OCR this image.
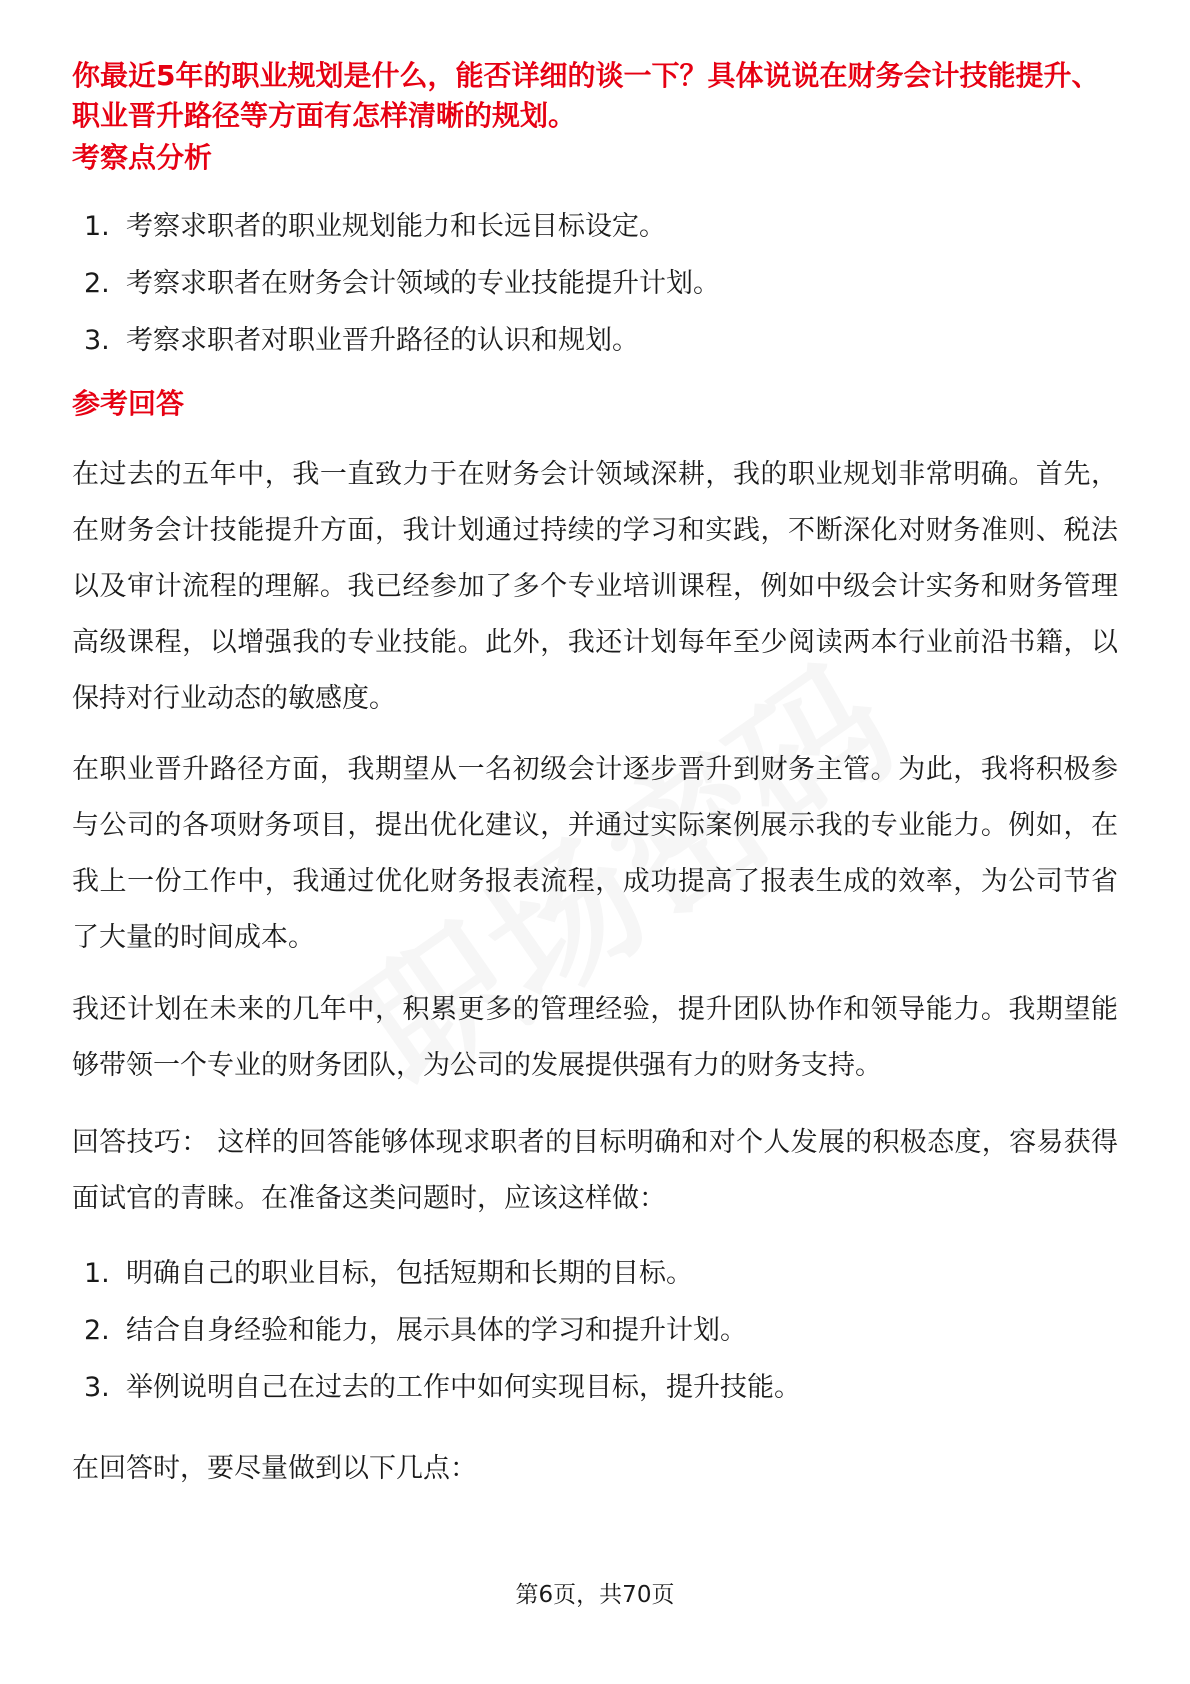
你最近5年的职业规划是什么，能否详细的谈一下？具体说说在财务会计技能提升、职业晋升路径等方面有怎样清晰的规划。
考察点分析
1. 考察求职者的职业规划能力和长远目标设定。
2. 考察求职者在财务会计领域的专业技能提升计划。
3. 考察求职者对职业晋升路径的认识和规划。
参考回答

在过去的五年中，我一直致力于在财务会计领域深耕，我的职业规划非常明确。首先，在财务会计技能提升方面，我计划通过持续的学习和实践，不断深化对财务准则、税法以及审计流程的理解。我已经参加了多个专业培训课程，例如中级会计实务和财务管理高级课程，以增强我的专业技能。此外，我还计划每年至少阅读两本行业前沿书籍，以保持对行业动态的敏感度。

在职业晋升路径方面，我期望从一名初级会计逐步晋升到财务主管。为此，我将积极参与公司的各项财务项目，提出优化建议，并通过实际案例展示我的专业能力。例如，在我上一份工作中，我通过优化财务报表流程，成功提高了报表生成的效率，为公司节省了大量的时间成本。

我还计划在未来的几年中，积累更多的管理经验，提升团队协作和领导能力。我期望能够带领一个专业的财务团队，为公司的发展提供强有力的财务支持。

回答技巧： 这样的回答能够体现求职者的目标明确和对个人发展的积极态度，容易获得面试官的青睐。在准备这类问题时，应该这样做：

1. 明确自己的职业目标，包括短期和长期的目标。
2. 结合自身经验和能力，展示具体的学习和提升计划。
3. 举例说明自己在过去的工作中如何实现目标，提升技能。

在回答时，要尽量做到以下几点：

第6页，共70页
